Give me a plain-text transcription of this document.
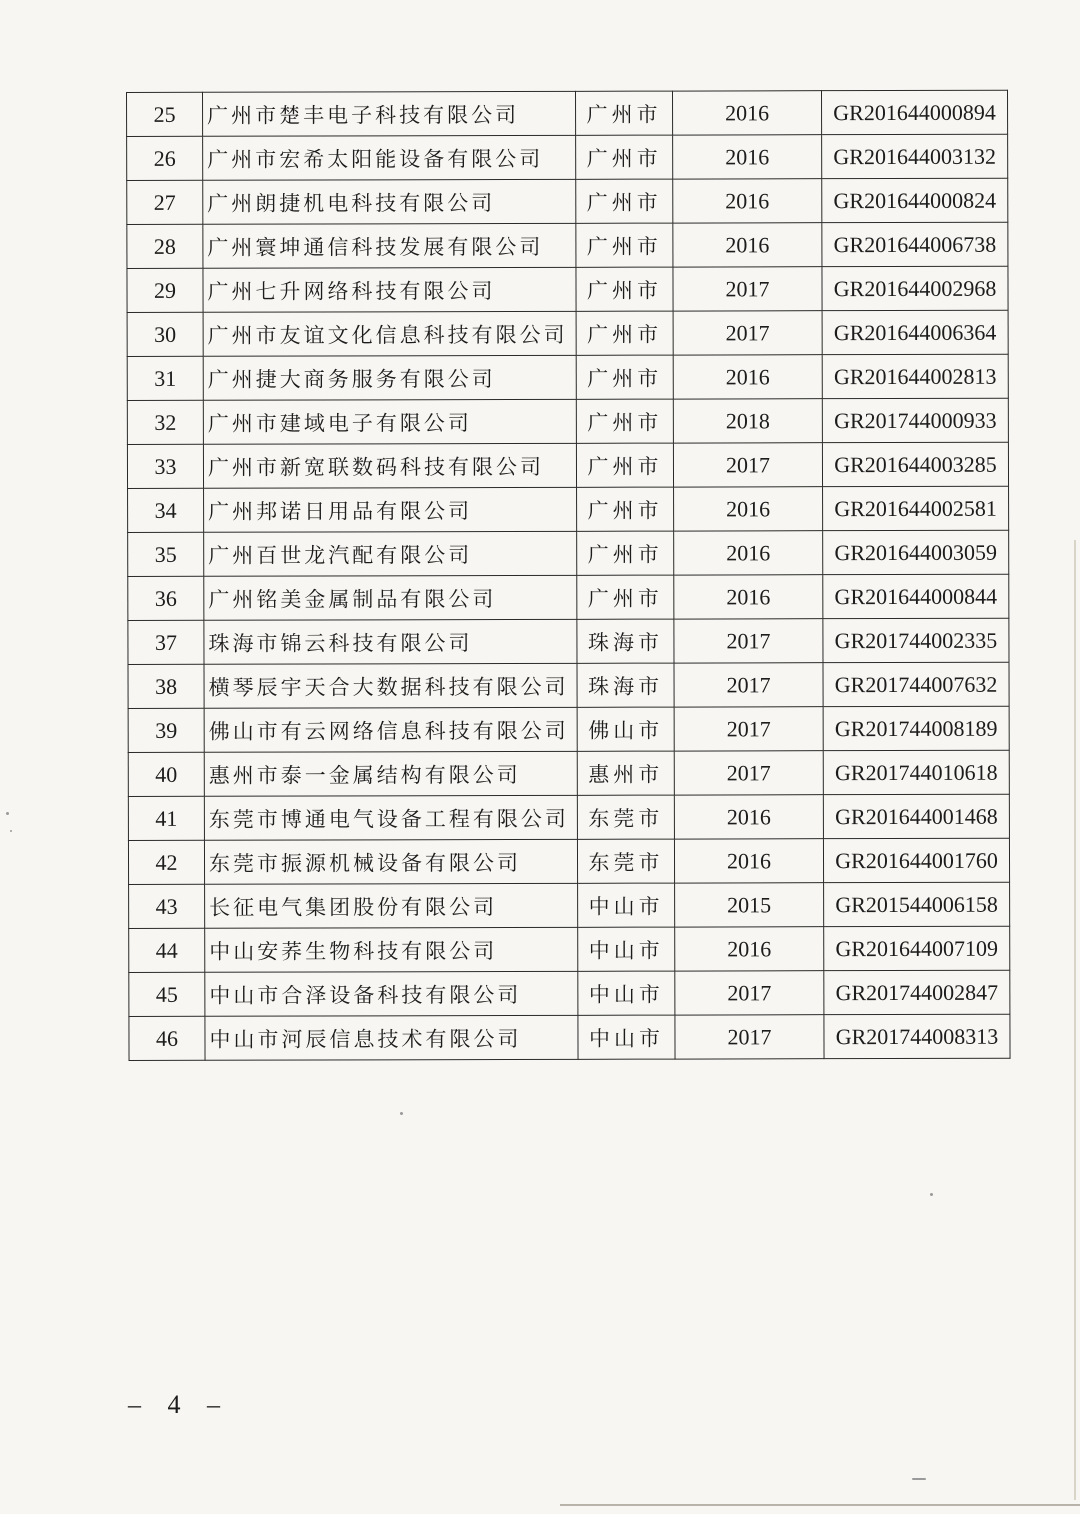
25	广州市楚丰电子科技有限公司	广州市	2016	GR201644000894
26	广州市宏希太阳能设备有限公司	广州市	2016	GR201644003132
27	广州朗捷机电科技有限公司	广州市	2016	GR201644000824
28	广州寰坤通信科技发展有限公司	广州市	2016	GR201644006738
29	广州七升网络科技有限公司	广州市	2017	GR201644002968
30	广州市友谊文化信息科技有限公司	广州市	2017	GR201644006364
31	广州捷大商务服务有限公司	广州市	2016	GR201644002813
32	广州市建域电子有限公司	广州市	2018	GR201744000933
33	广州市新宽联数码科技有限公司	广州市	2017	GR201644003285
34	广州邦诺日用品有限公司	广州市	2016	GR201644002581
35	广州百世龙汽配有限公司	广州市	2016	GR201644003059
36	广州铭美金属制品有限公司	广州市	2016	GR201644000844
37	珠海市锦云科技有限公司	珠海市	2017	GR201744002335
38	横琴辰宇天合大数据科技有限公司	珠海市	2017	GR201744007632
39	佛山市有云网络信息科技有限公司	佛山市	2017	GR201744008189
40	惠州市泰一金属结构有限公司	惠州市	2017	GR201744010618
41	东莞市博通电气设备工程有限公司	东莞市	2016	GR201644001468
42	东莞市振源机械设备有限公司	东莞市	2016	GR201644001760
43	长征电气集团股份有限公司	中山市	2015	GR201544006158
44	中山安荞生物科技有限公司	中山市	2016	GR201644007109
45	中山市合泽设备科技有限公司	中山市	2017	GR201744002847
46	中山市河辰信息技术有限公司	中山市	2017	GR201744008313
– 4 –
